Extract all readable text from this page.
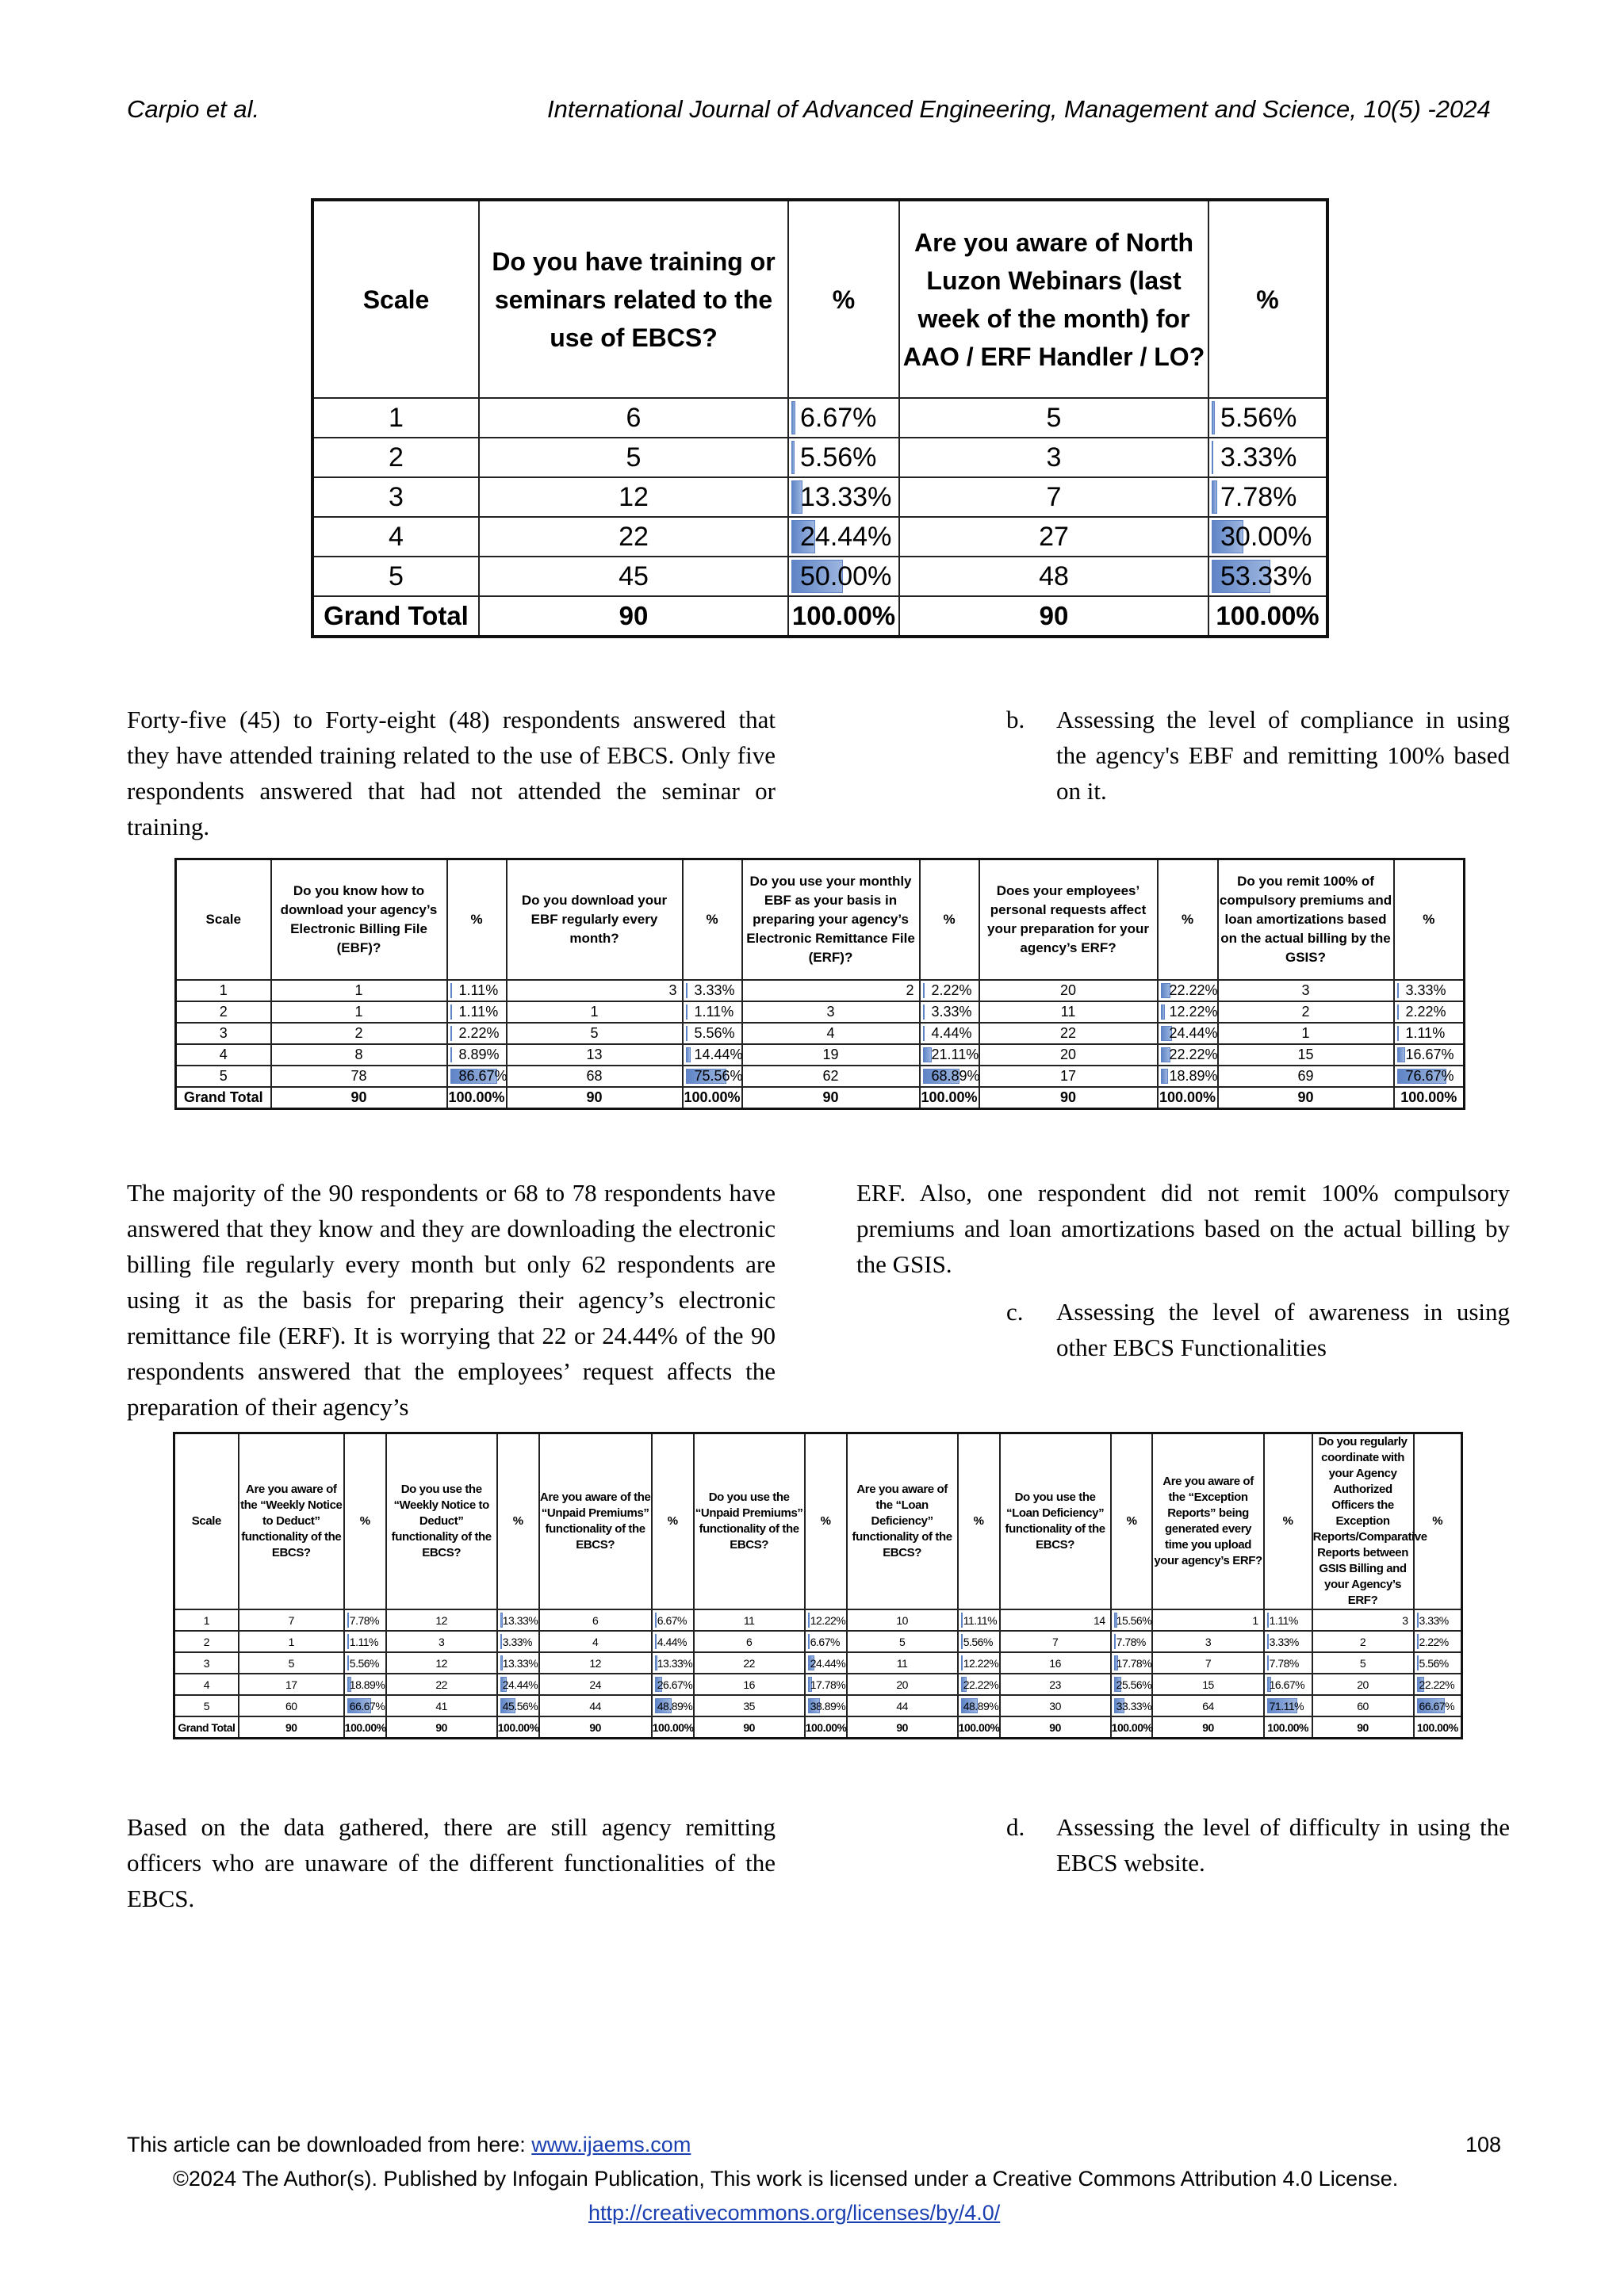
Carpio et al.	International Journal of Advanced Engineering, Management and Science, 10(5) -2024
Scale	Do you have training or seminars related to the use of EBCS?	%	Are you aware of North Luzon Webinars (last week of the month) for AAO / ERF Handler / LO?	%
1	6	6.67%	5	5.56%
2	5	5.56%	3	3.33%
3	12	13.33%	7	7.78%
4	22	24.44%	27	30.00%
5	45	50.00%	48	53.33%
Grand Total	90	100.00%	90	100.00%

Forty-five (45) to Forty-eight (48) respondents answered that they have attended training related to the use of EBCS. Only five respondents answered that had not attended the seminar or training.

b. Assessing the level of compliance in using the agency's EBF and remitting 100% based on it.
Scale	Do you know how to download your agency’s Electronic Billing File (EBF)?	%	Do you download your EBF regularly every month?	%	Do you use your monthly EBF as your basis in preparing your agency’s Electronic Remittance File (ERF)?	%	Does your employees’ personal requests affect your preparation for your agency’s ERF?	%	Do you remit 100% of compulsory premiums and loan amortizations based on the actual billing by the GSIS?	%
1	1	1.11%	3	3.33%	2	2.22%	20	22.22%	3	3.33%
2	1	1.11%	1	1.11%	3	3.33%	11	12.22%	2	2.22%
3	2	2.22%	5	5.56%	4	4.44%	22	24.44%	1	1.11%
4	8	8.89%	13	14.44%	19	21.11%	20	22.22%	15	16.67%
5	78	86.67%	68	75.56%	62	68.89%	17	18.89%	69	76.67%
Grand Total	90	100.00%	90	100.00%	90	100.00%	90	100.00%	90	100.00%

The majority of the 90 respondents or 68 to 78 respondents have answered that they know and they are downloading the electronic billing file regularly every month but only 62 respondents are using it as the basis for preparing their agency’s electronic remittance file (ERF). It is worrying that 22 or 24.44% of the 90 respondents answered that the employees’ request affects the preparation of their agency’s

ERF. Also, one respondent did not remit 100% compulsory premiums and loan amortizations based on the actual billing by the GSIS.

c. Assessing the level of awareness in using other EBCS Functionalities
Scale	Are you aware of the “Weekly Notice to Deduct” functionality of the EBCS?	%	Do you use the “Weekly Notice to Deduct” functionality of the EBCS?	%	Are you aware of the “Unpaid Premiums” functionality of the EBCS?	%	Do you use the “Unpaid Premiums” functionality of the EBCS?	%	Are you aware of the “Loan Deficiency” functionality of the EBCS?	%	Do you use the “Loan Deficiency” functionality of the EBCS?	%	Are you aware of the “Exception Reports” being generated every time you upload your agency’s ERF?	%	Do you regularly coordinate with your Agency Authorized Officers the Exception Reports/Comparative Reports between GSIS Billing and your Agency’s ERF?	%
1	7	7.78%	12	13.33%	6	6.67%	11	12.22%	10	11.11%	14	15.56%	1	1.11%	3	3.33%
2	1	1.11%	3	3.33%	4	4.44%	6	6.67%	5	5.56%	7	7.78%	3	3.33%	2	2.22%
3	5	5.56%	12	13.33%	12	13.33%	22	24.44%	11	12.22%	16	17.78%	7	7.78%	5	5.56%
4	17	18.89%	22	24.44%	24	26.67%	16	17.78%	20	22.22%	23	25.56%	15	16.67%	20	22.22%
5	60	66.67%	41	45.56%	44	48.89%	35	38.89%	44	48.89%	30	33.33%	64	71.11%	60	66.67%
Grand Total	90	100.00%	90	100.00%	90	100.00%	90	100.00%	90	100.00%	90	100.00%	90	100.00%	90	100.00%

Based on the data gathered, there are still agency remitting officers who are unaware of the different functionalities of the EBCS.

d. Assessing the level of difficulty in using the EBCS website.
This article can be downloaded from here: www.ijaems.com	108
©2024 The Author(s). Published by Infogain Publication, This work is licensed under a Creative Commons Attribution 4.0 License.
http://creativecommons.org/licenses/by/4.0/
